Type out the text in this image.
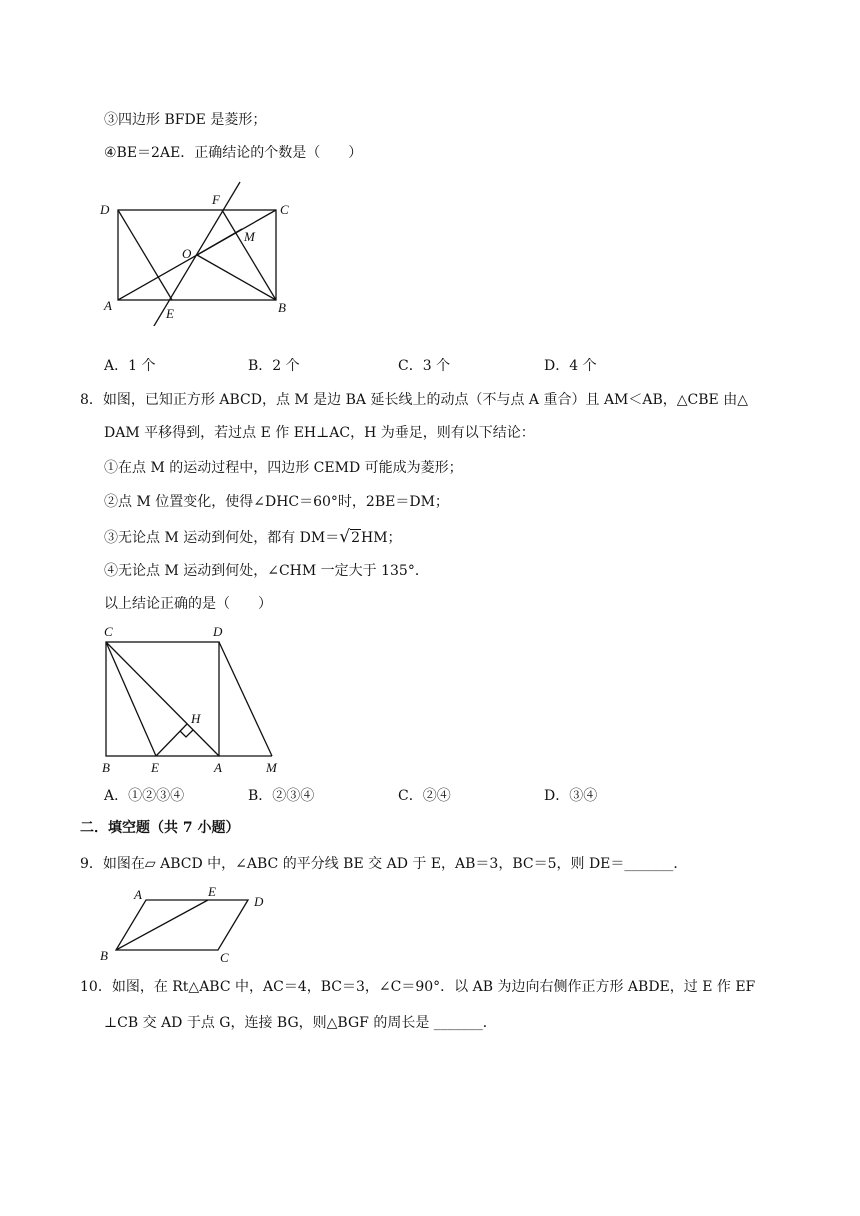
③四边形 BFDE 是菱形；
④BE＝2AE．正确结论的个数是（　　）
D
F
C
M
O
A
E	B
A．1 个	B．2 个	C．3 个	D．4 个
8．如图，已知正方形 ABCD，点 M 是边 BA 延长线上的动点（不与点 A 重合）且 AM＜AB，△CBE 由△
DAM 平移得到，若过点 E 作 EH⊥AC，H 为垂足，则有以下结论：
①在点 M 的运动过程中，四边形 CEMD 可能成为菱形；
②点 M 位置变化，使得∠DHC＝60°时，2BE＝DM；
③无论点 M 运动到何处，都有 DM＝√2HM；
④无论点 M 运动到何处，∠CHM 一定大于 135°．
以上结论正确的是（　　）
C	D
H
B	E	A	M
A．①②③④	B．②③④	C．②④	D．③④
二．填空题（共 7 小题）
9．如图在▱ ABCD 中，∠ABC 的平分线 BE 交 AD 于 E，AB＝3，BC＝5，则 DE＝_______．
A	E
D
B	C
10．如图，在 Rt△ABC 中，AC＝4，BC＝3，∠C＝90°．以 AB 为边向右侧作正方形 ABDE，过 E 作 EF
⊥CB 交 AD 于点 G，连接 BG，则△BGF 的周长是 _______．
